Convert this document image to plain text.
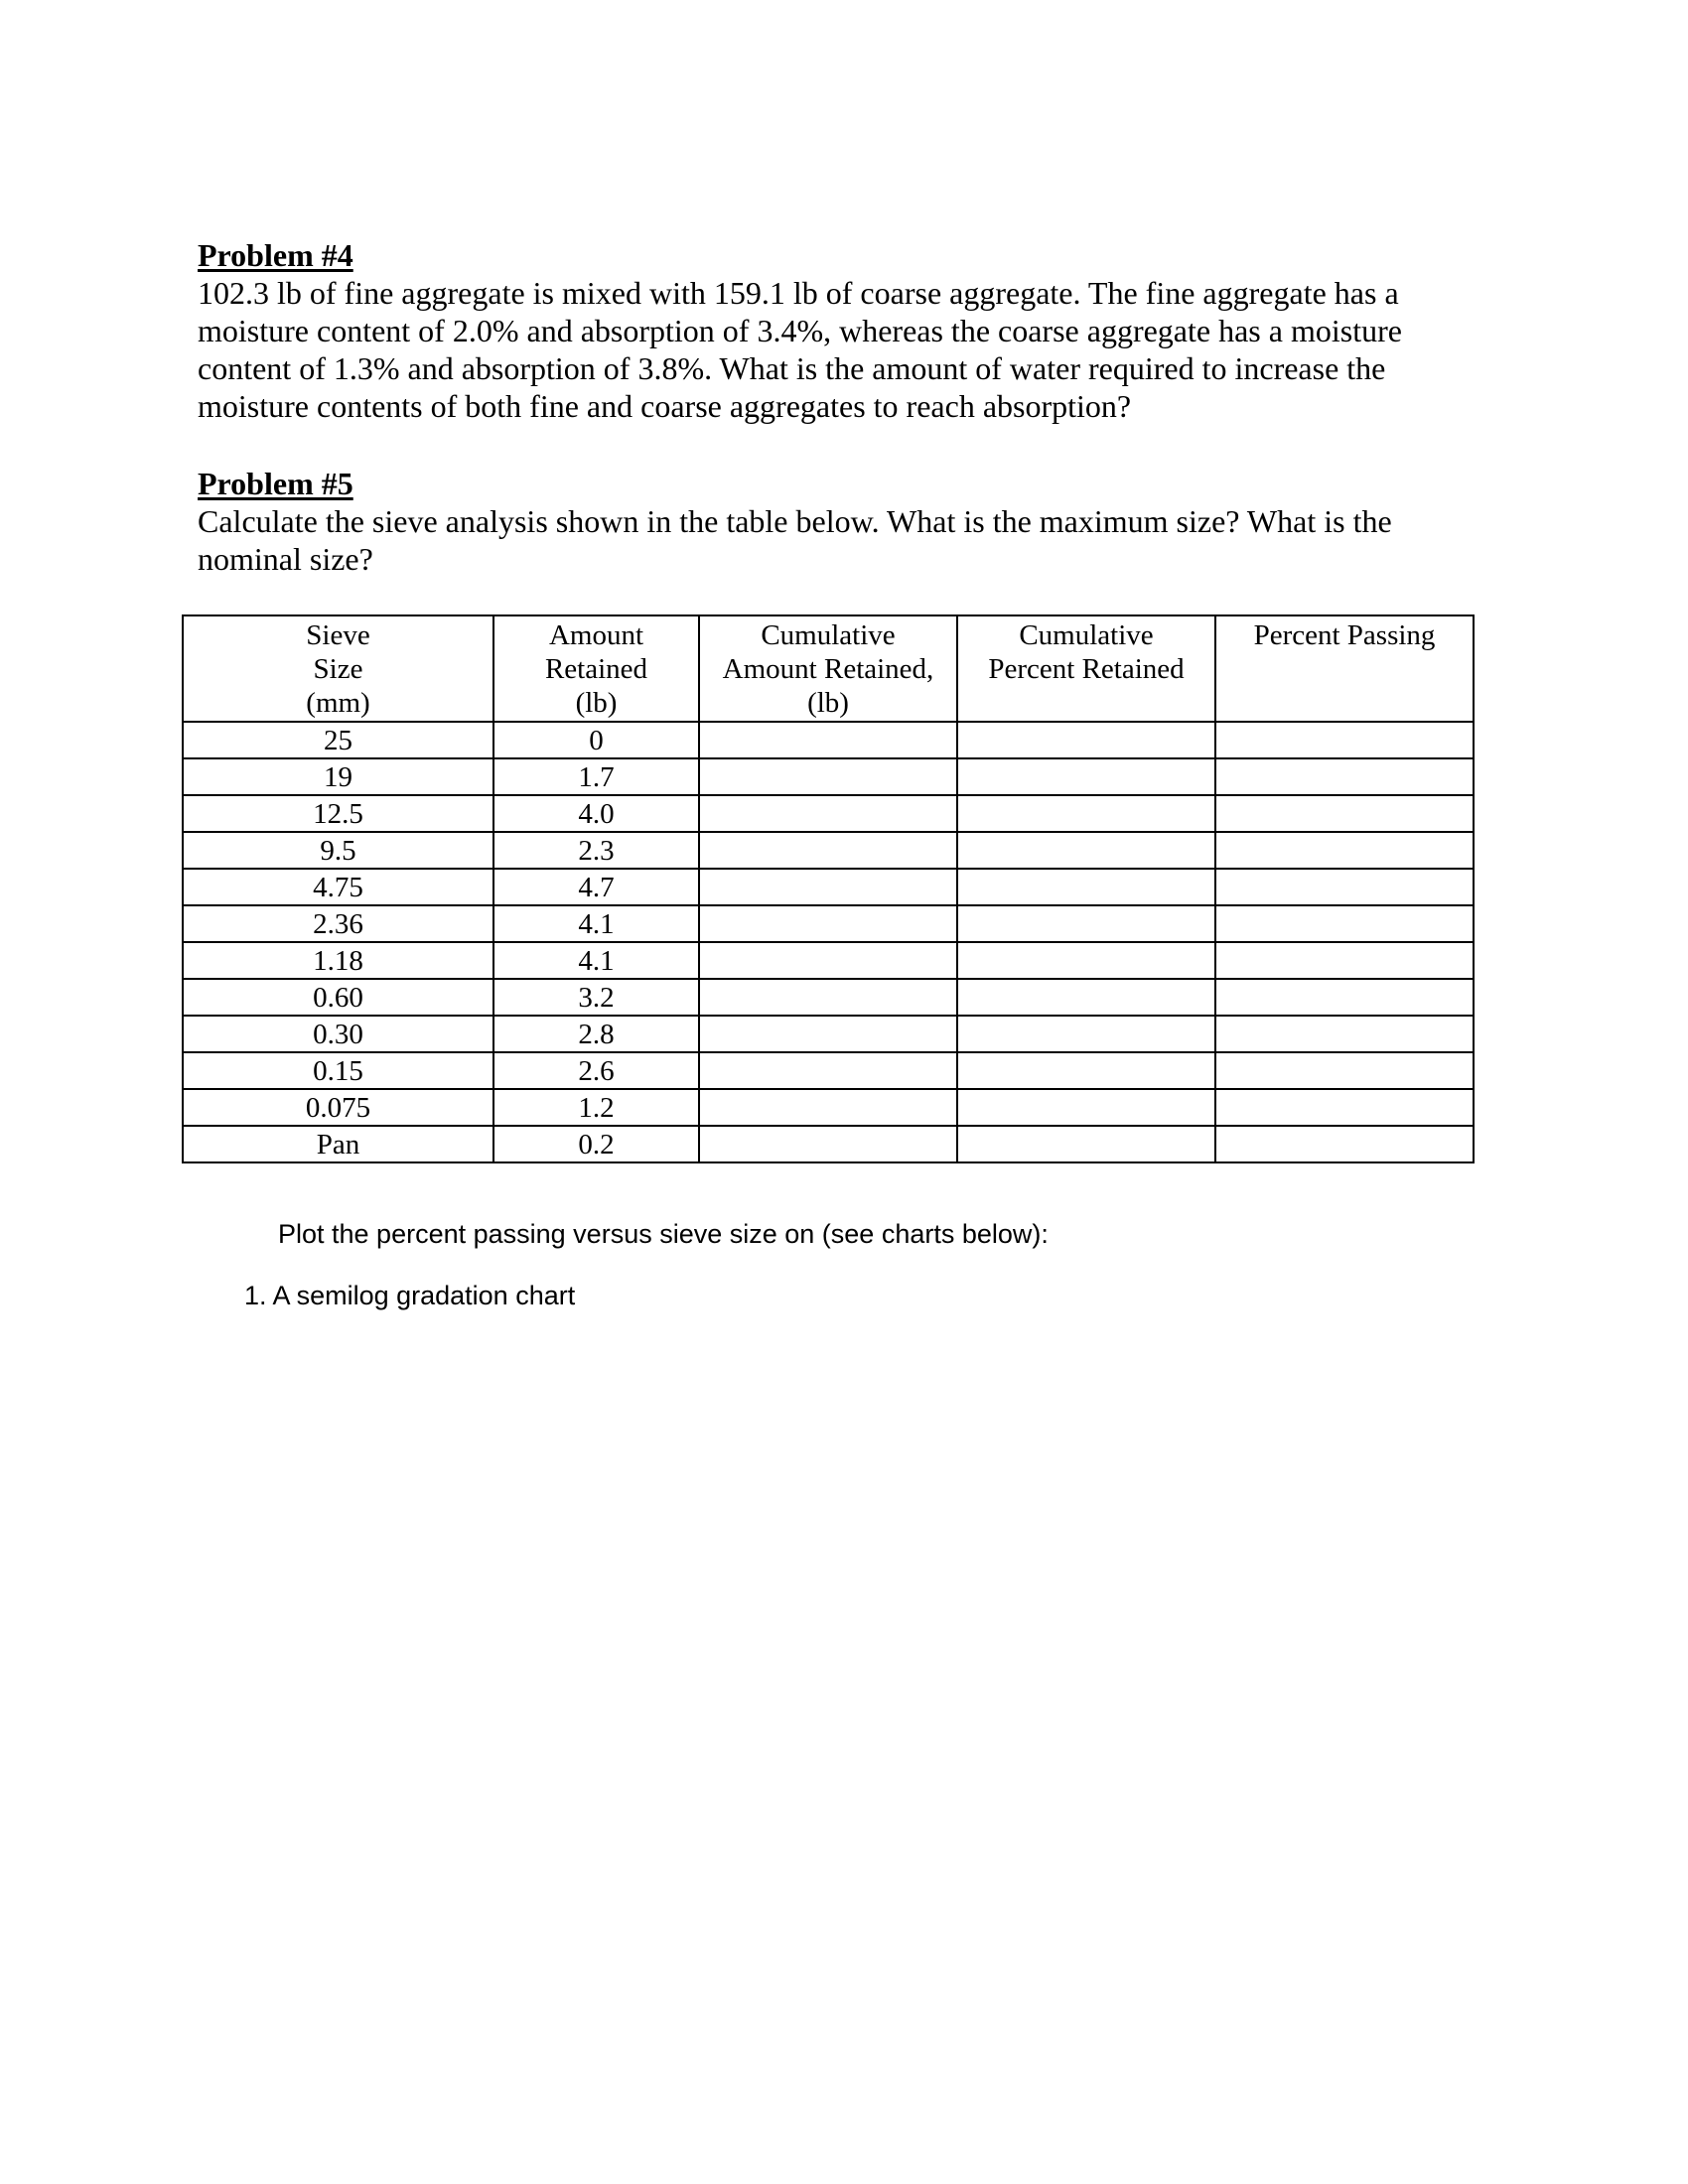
Problem #4

102.3 lb of fine aggregate is mixed with 159.1 lb of coarse aggregate. The fine aggregate has a
moisture content of 2.0% and absorption of 3.4%, whereas the coarse aggregate has a moisture
content of 1.3% and absorption of 3.8%. What is the amount of water required to increase the
moisture contents of both fine and coarse aggregates to reach absorption?

Problem #5

Calculate the sieve analysis shown in the table below. What is the maximum size? What is the
nominal size?

Sieve
Size
(mm)	Amount
Retained
(lb)	Cumulative
Amount Retained,
(lb)	Cumulative
Percent Retained	Percent Passing

25	0			
19	1.7			
12.5	4.0			
9.5	2.3			
4.75	4.7			
2.36	4.1			
1.18	4.1			
0.60	3.2			
0.30	2.8			
0.15	2.6			
0.075	1.2			
Pan	0.2			
Plot the percent passing versus sieve size on (see charts below):
1. A semilog gradation chart
